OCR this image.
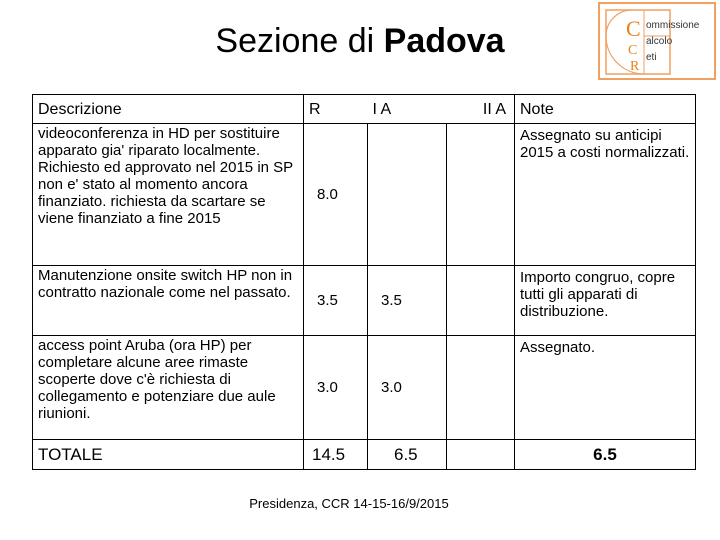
Sezione di Padova	C
C
R
ommissione
alcolo
eti
Descrizione	R	I A	II A	Note
videoconferenza in HD per sostituire apparato gia' riparato localmente. Richiesto ed approvato nel 2015 in SP non e' stato al momento ancora finanziato. richiesta da scartare se viene finanziato a fine 2015	8.0			Assegnato su anticipi 2015 a costi normalizzati.
Manutenzione onsite switch HP non in contratto nazionale come nel passato.	3.5	3.5		Importo congruo, copre tutti gli apparati di distribuzione.
access point Aruba (ora HP) per completare alcune aree rimaste scoperte dove c'è richiesta di collegamento e potenziare due aule riunioni.	3.0	3.0		Assegnato.
TOTALE	14.5	6.5		6.5
Presidenza, CCR 14-15-16/9/2015
